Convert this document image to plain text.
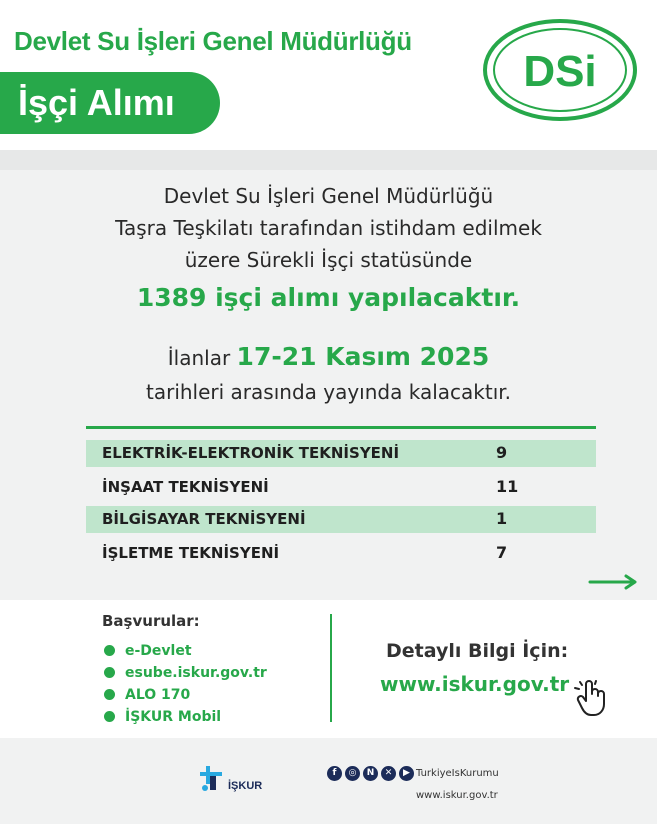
Devlet Su İşleri Genel Müdürlüğü
İşçi Alımı
DSi
Devlet Su İşleri Genel Müdürlüğü
Taşra Teşkilatı tarafından istihdam edilmek
üzere Sürekli İşçi statüsünde
1389 işçi alımı yapılacaktır.
İlanlar 17-21 Kasım 2025
tarihleri arasında yayında kalacaktır.
ELEKTRİK-ELEKTRONİK TEKNİSYENİ	9
İNŞAAT TEKNİSYENİ	11
BİLGİSAYAR TEKNİSYENİ	1
İŞLETME TEKNİSYENİ	7
Başvurular:
e-Devlet
esube.iskur.gov.tr
ALO 170
İŞKUR Mobil
Detaylı Bilgi İçin:
www.iskur.gov.tr
İŞKUR
f	◎	N	✕	▶ TurkiyeIsKurumu
www.iskur.gov.tr
